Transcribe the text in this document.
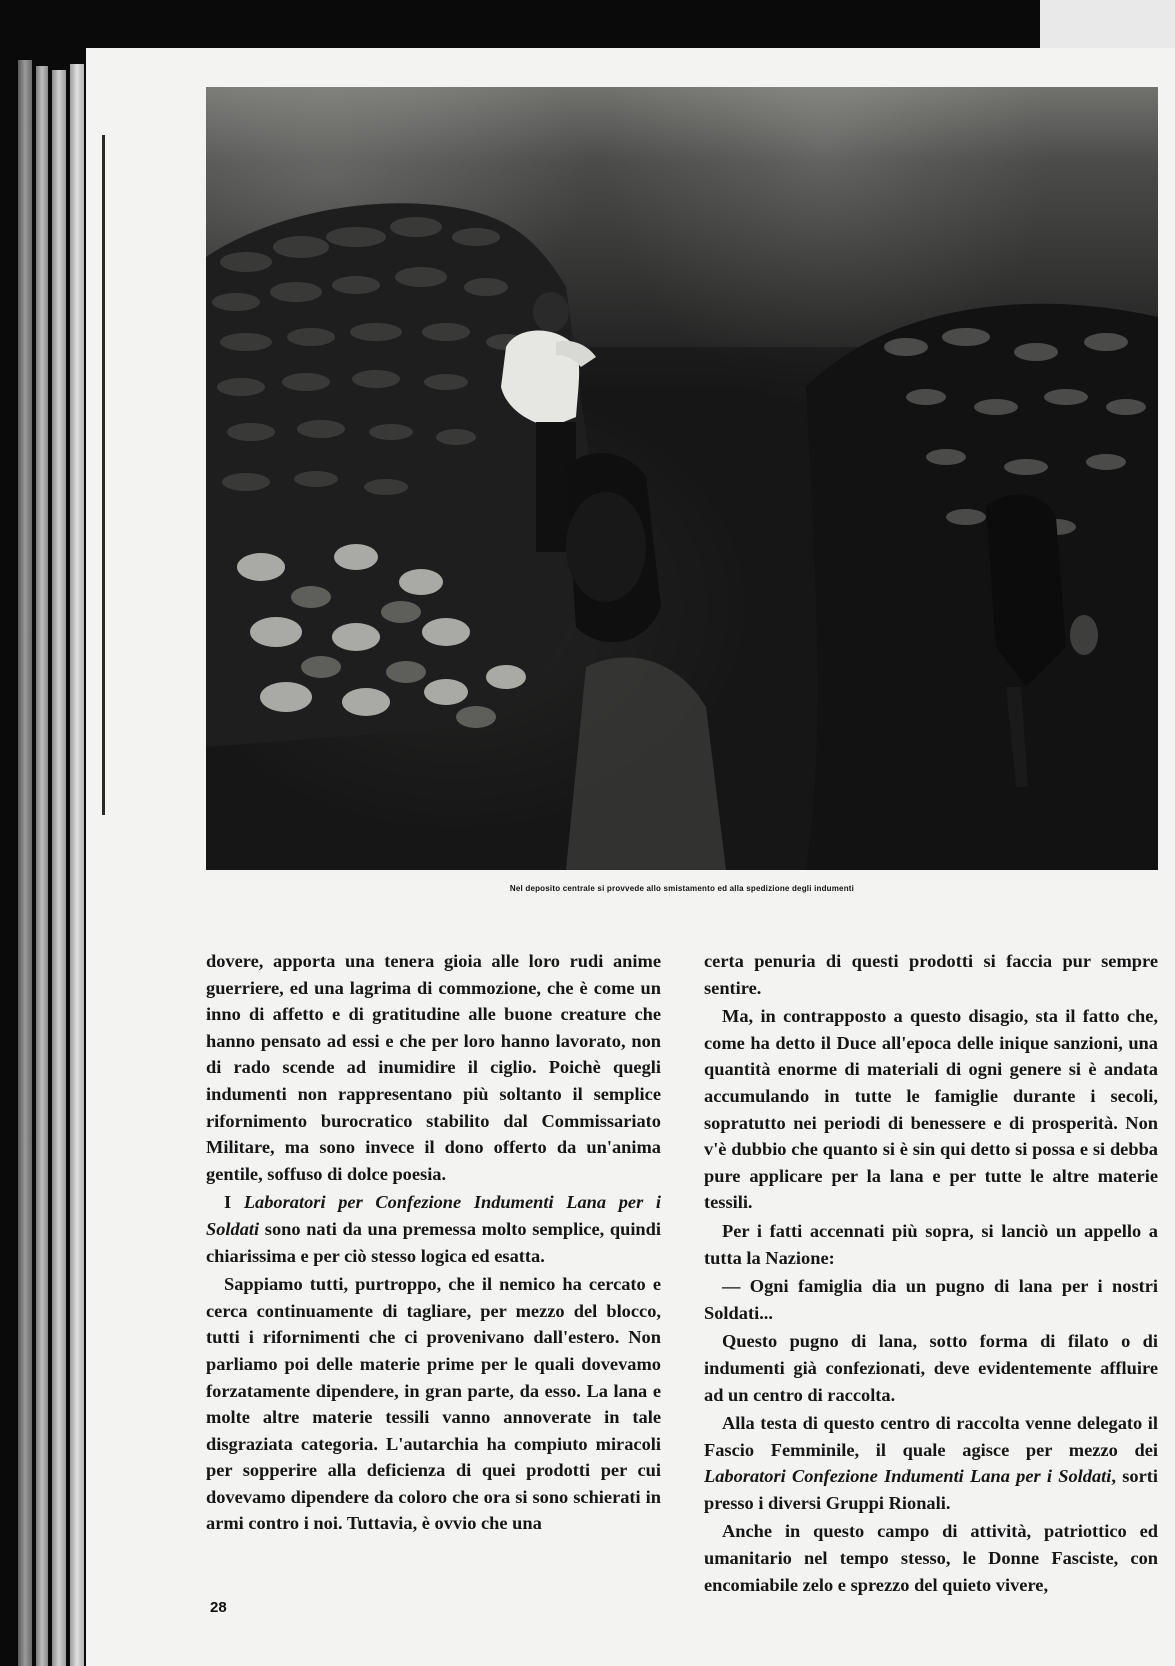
Nel deposito centrale si provvede allo smistamento ed alla spedizione degli indumenti

dovere, apporta una tenera gioia alle loro rudi anime guerriere, ed una lagrima di commozione, che è come un inno di affetto e di gratitudine alle buone creature che hanno pensato ad essi e che per loro hanno lavorato, non di rado scende ad inumidire il ciglio. Poichè quegli indumenti non rappresentano più soltanto il semplice rifornimento burocratico stabilito dal Commissariato Militare, ma sono invece il dono offerto da un'anima gentile, soffuso di dolce poesia.

I Laboratori per Confezione Indumenti Lana per i Soldati sono nati da una premessa molto semplice, quindi chiarissima e per ciò stesso logica ed esatta.

Sappiamo tutti, purtroppo, che il nemico ha cercato e cerca continuamente di tagliare, per mezzo del blocco, tutti i rifornimenti che ci provenivano dall'estero. Non parliamo poi delle materie prime per le quali dovevamo forzatamente dipendere, in gran parte, da esso. La lana e molte altre materie tessili vanno annoverate in tale disgraziata categoria. L'autarchia ha compiuto miracoli per sopperire alla deficienza di quei prodotti per cui dovevamo dipendere da coloro che ora si sono schierati in armi contro i noi. Tuttavia, è ovvio che una

certa penuria di questi prodotti si faccia pur sempre sentire.

Ma, in contrapposto a questo disagio, sta il fatto che, come ha detto il Duce all'epoca delle inique sanzioni, una quantità enorme di materiali di ogni genere si è andata accumulando in tutte le famiglie durante i secoli, sopratutto nei periodi di benessere e di prosperità. Non v'è dubbio che quanto si è sin qui detto si possa e si debba pure applicare per la lana e per tutte le altre materie tessili.

Per i fatti accennati più sopra, si lanciò un appello a tutta la Nazione:

— Ogni famiglia dia un pugno di lana per i nostri Soldati...

Questo pugno di lana, sotto forma di filato o di indumenti già confezionati, deve evidentemente affluire ad un centro di raccolta.

Alla testa di questo centro di raccolta venne delegato il Fascio Femminile, il quale agisce per mezzo dei Laboratori Confezione Indumenti Lana per i Soldati, sorti presso i diversi Gruppi Rionali.

Anche in questo campo di attività, patriottico ed umanitario nel tempo stesso, le Donne Fasciste, con encomiabile zelo e sprezzo del quieto vivere,

28
